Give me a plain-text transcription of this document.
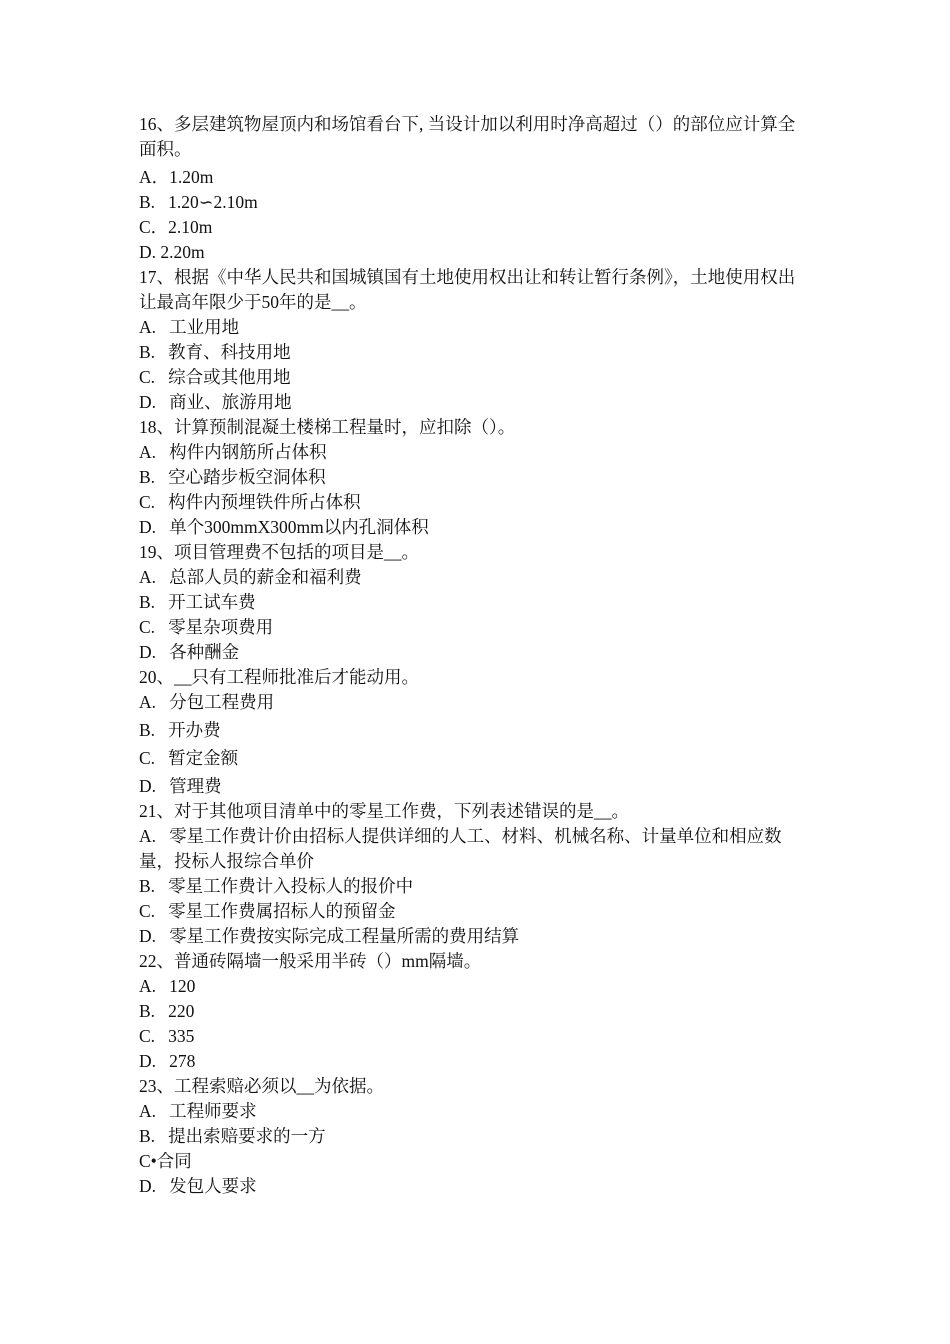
16、多层建筑物屋顶内和场馆看台下, 当设计加以利用时净高超过（）的部位应计算全面积。

A．1.20m

B.   1.20∽2.10m

C．2.10m

D. 2.20m

17、根据《中华人民共和国城镇国有土地使用权出让和转让暂行条例》，土地使用权出让最高年限少于50年的是__。

A.   工业用地

B.   教育、科技用地

C.   综合或其他用地

D.   商业、旅游用地

18、计算预制混凝土楼梯工程量时，应扣除（）。

A.   构件内钢筋所占体积

B.   空心踏步板空洞体积

C.   构件内预埋铁件所占体积

D.   单个300mmX300mm以内孔洞体积

19、项目管理费不包括的项目是__。

A.   总部人员的薪金和福利费

B.   开工试车费

C.   零星杂项费用

D.   各种酬金

20、__只有工程师批准后才能动用。

A.   分包工程费用

B.   开办费

C.   暂定金额

D.   管理费

21、对于其他项目清单中的零星工作费，下列表述错误的是__。

A.   零星工作费计价由招标人提供详细的人工、材料、机械名称、计量单位和相应数量，投标人报综合单价

B.   零星工作费计入投标人的报价中

C.   零星工作费属招标人的预留金

D.   零星工作费按实际完成工程量所需的费用结算

22、普通砖隔墙一般采用半砖（）mm隔墙。

A.   120

B.   220

C.   335

D.   278

23、工程索赔必须以__为依据。

A.   工程师要求

B.   提出索赔要求的一方

C•合同

D.   发包人要求
